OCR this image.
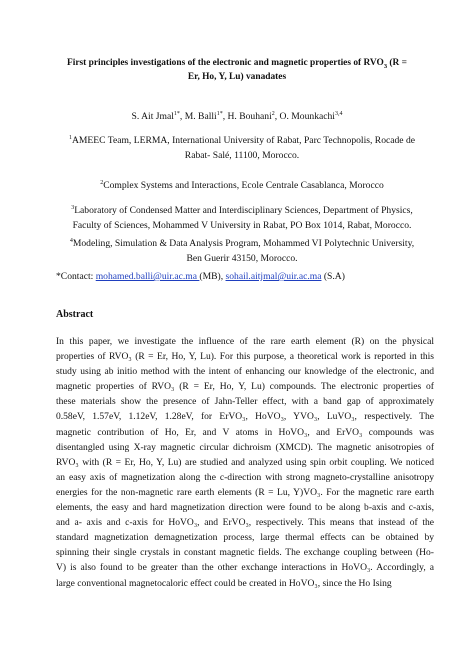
First principles investigations of the electronic and magnetic properties of $RVO_3$ (R =
Er, Ho, Y, Lu) vanadates
S. Ait Jmal$^{1*}$, M. Balli$^{1*}$, H. Bouhani$^2$, O. Mounkachi$^{3,4}$
$^1$AMEEC Team, LERMA, International University of Rabat, Parc Technopolis, Rocade de
Rabat- Salé, 11100, Morocco.
$^2$Complex Systems and Interactions, Ecole Centrale Casablanca, Morocco
$^3$Laboratory of Condensed Matter and Interdisciplinary Sciences, Department of Physics,
Faculty of Sciences, Mohammed V University in Rabat, PO Box 1014, Rabat, Morocco.
$^4$Modeling, Simulation & Data Analysis Program, Mohammed VI Polytechnic University,
Ben Guerir 43150, Morocco.
*Contact: mohamed.balli@uir.ac.ma (MB), sohail.aitjmal@uir.ac.ma (S.A)
Abstract
In this paper, we investigate the influence of the rare earth element (R) on the physical
properties of RVO₃ (R = Er, Ho, Y, Lu). For this purpose, a theoretical work is reported in this
study using ab initio method with the intent of enhancing our knowledge of the electronic, and
magnetic properties of RVO₃ (R = Er, Ho, Y, Lu) compounds. The electronic properties of
these materials show the presence of Jahn-Teller effect, with a band gap of approximately
0.58eV, 1.57eV, 1.12eV, 1.28eV, for ErVO₃, HoVO₃, YVO₃, LuVO₃, respectively. The
magnetic contribution of Ho, Er, and V atoms in HoVO₃, and ErVO₃ compounds was
disentangled using X-ray magnetic circular dichroism (XMCD). The magnetic anisotropies of
RVO₃ with (R = Er, Ho, Y, Lu) are studied and analyzed using spin orbit coupling. We noticed
an easy axis of magnetization along the c-direction with strong magneto-crystalline anisotropy
energies for the non-magnetic rare earth elements (R = Lu, Y)VO₃. For the magnetic rare earth
elements, the easy and hard magnetization direction were found to be along b-axis and c-axis,
and a- axis and c-axis for HoVO₃, and ErVO₃, respectively. This means that instead of the
standard magnetization demagnetization process, large thermal effects can be obtained by
spinning their single crystals in constant magnetic fields. The exchange coupling between (Ho-
V) is also found to be greater than the other exchange interactions in HoVO₃. Accordingly, a
large conventional magnetocaloric effect could be created in HoVO₃, since the Ho Ising
